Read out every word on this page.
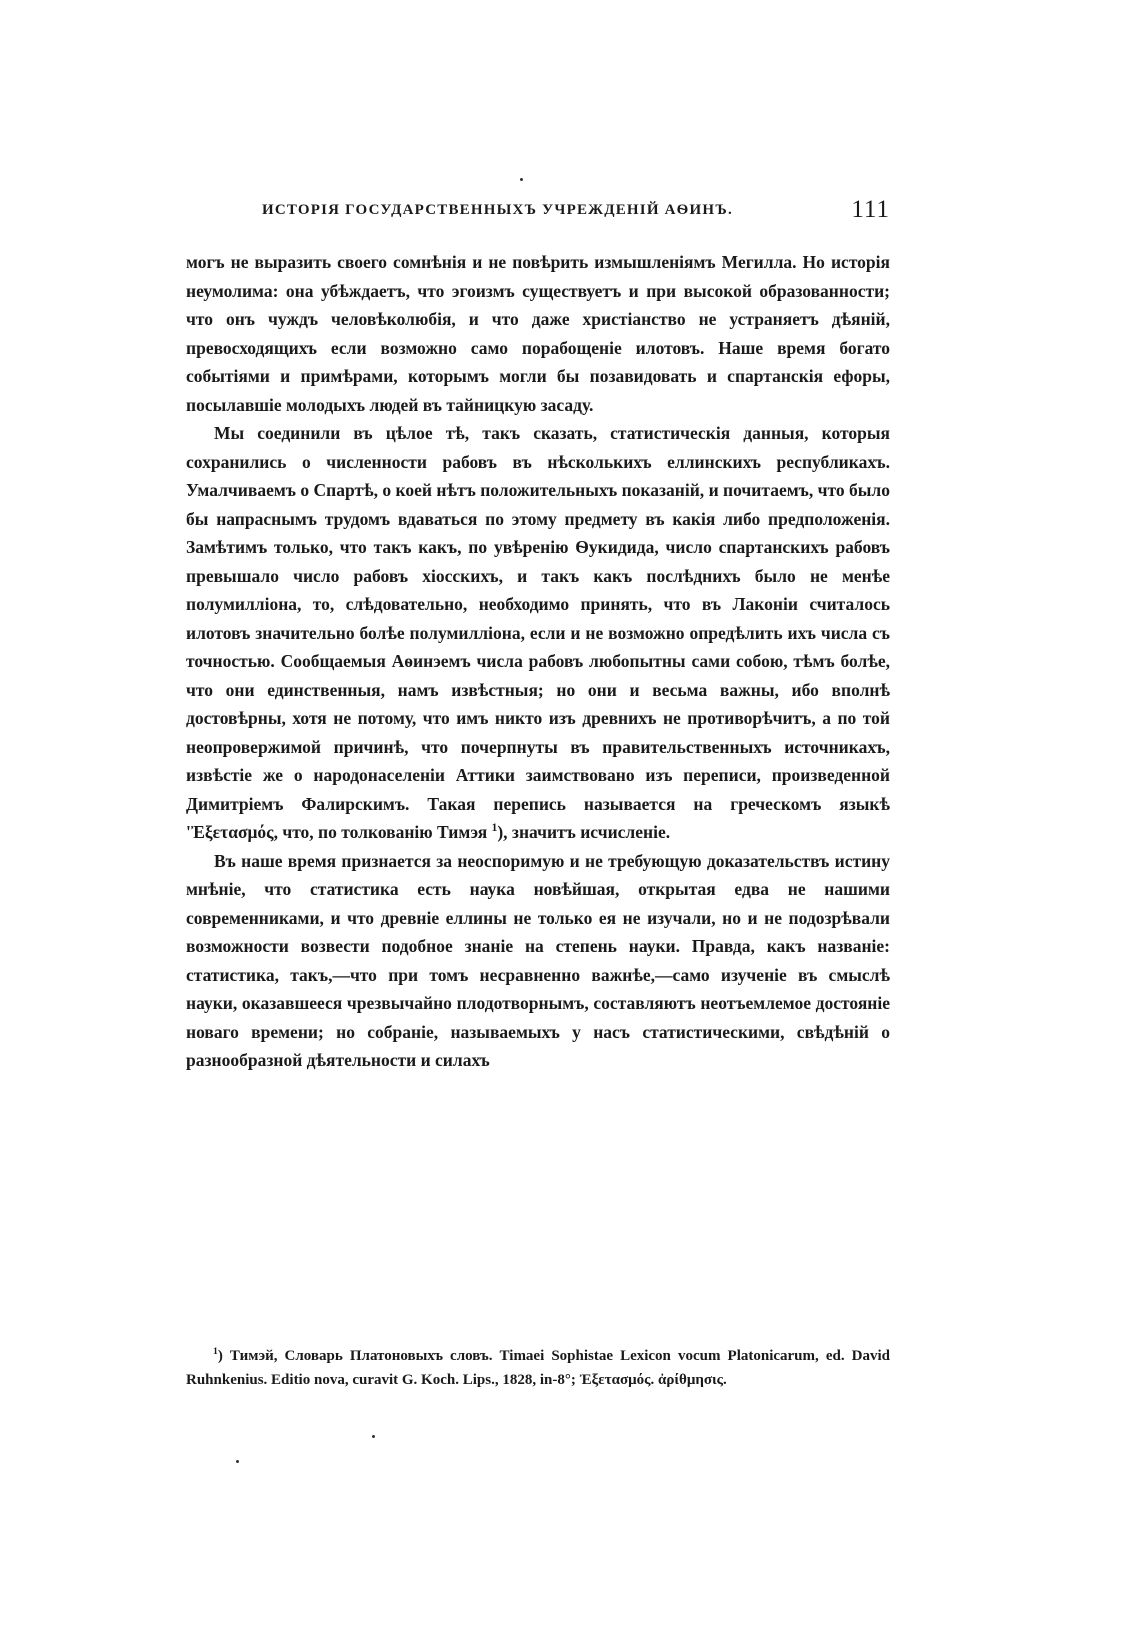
ИСТОРІЯ ГОСУДАРСТВЕННЫХЪ УЧРЕЖДЕНІЙ АѲИНЪ.	111

могъ не выразить своего сомнѣнія и не повѣрить измышленіямъ Мегилла. Но исторія неумолима: она убѣждаетъ, что эгоизмъ существуетъ и при высокой образованности; что онъ чуждъ человѣколюбія, и что даже христіанство не устраняетъ дѣяній, превосходящихъ если возможно само порабощеніе илотовъ. Наше время богато событіями и примѣрами, которымъ могли бы позавидовать и спартанскія ефоры, посылавшіе молодыхъ людей въ тайницкую засаду.

Мы соединили въ цѣлое тѣ, такъ сказать, статистическія данныя, которыя сохранились о численности рабовъ въ нѣсколькихъ еллинскихъ республикахъ. Умалчиваемъ о Спартѣ, о коей нѣтъ положительныхъ показаній, и почитаемъ, что было бы напраснымъ трудомъ вдаваться по этому предмету въ какія либо предположенія. Замѣтимъ только, что такъ какъ, по увѣренію Ѳукидида, число спартанскихъ рабовъ превышало число рабовъ хіосскихъ, и такъ какъ послѣднихъ было не менѣе полумилліона, то, слѣдовательно, необходимо принять, что въ Лаконіи считалось илотовъ значительно болѣе полумилліона, если и не возможно опредѣлить ихъ числа съ точностью. Сообщаемыя Аѳинэемъ числа рабовъ любопытны сами собою, тѣмъ болѣе, что они единственныя, намъ извѣстныя; но они и весьма важны, ибо вполнѣ достовѣрны, хотя не потому, что имъ никто изъ древнихъ не противорѣчитъ, а по той неопровержимой причинѣ, что почерпнуты въ правительственныхъ источникахъ, извѣстіе же о народонаселеніи Аттики заимствовано изъ переписи, произведенной Димитріемъ Фалирскимъ. Такая перепись называется на греческомъ языкѣ 'Ἐξετασμός, что, по толкованію Тимэя $^1$), значитъ исчисленіе.

Въ наше время признается за неоспоримую и не требующую доказательствъ истину мнѣніе, что статистика есть наука новѣйшая, открытая едва не нашими современниками, и что древніе еллины не только ея не изучали, но и не подозрѣвали возможности возвести подобное знаніе на степень науки. Правда, какъ названіе: статистика, такъ,—что при томъ несравненно важнѣе,—само изученіе въ смыслѣ науки, оказавшееся чрезвычайно плодотворнымъ, составляютъ неотъемлемое достояніе новаго времени; но собраніе, называемыхъ у насъ статистическими, свѣдѣній о разнообразной дѣятельности и силахъ

$^1$) Тимэй, Словарь Платоновыхъ словъ. Timaei Sophistae Lexicon vocum Platonicarum, ed. David Ruhnkenius. Editio nova, curavit G. Koch. Lips., 1828, in-8°; Ἐξετασμός. ἀρίθμησις.
